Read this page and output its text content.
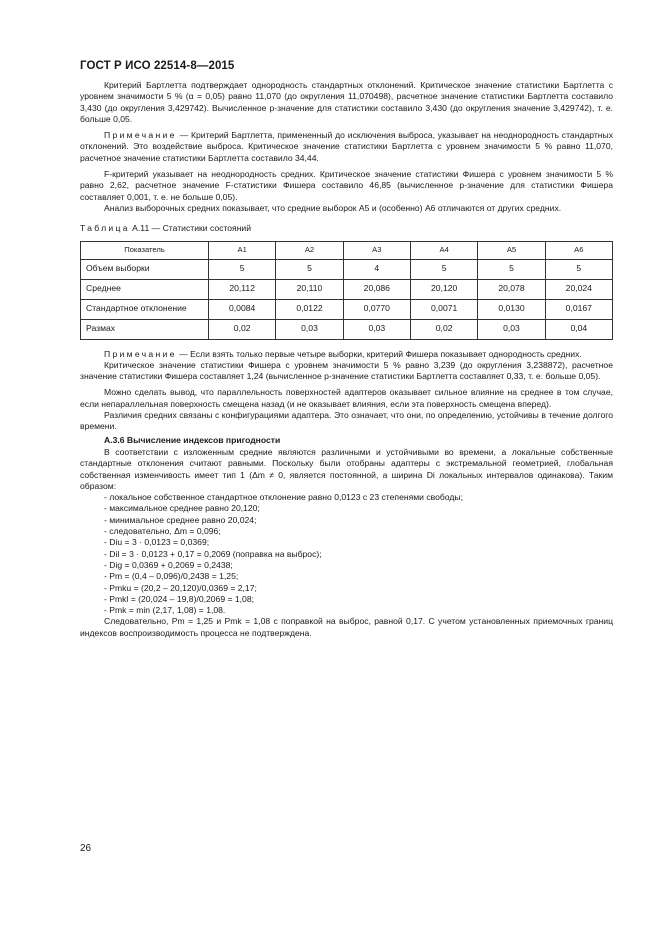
ГОСТ Р ИСО 22514-8—2015

Критерий Бартлетта подтверждает однородность стандартных отклонений. Критическое значение статистики Бартлетта с уровнем значимости 5 % (α = 0,05) равно 11,070 (до округления 11,070498), расчетное значение статистики Бартлетта составило 3,430 (до округления 3,429742). Вычисленное p-значение для статистики составило 3,430 (до округления значение 3,429742), т. е. больше 0,05.

Примечание — Критерий Бартлетта, примененный до исключения выброса, указывает на неоднородность стандартных отклонений. Это воздействие выброса. Критическое значение статистики Бартлетта с уровнем значимости 5 % равно 11,070, расчетное значение статистики Бартлетта составило 34,44.

F-критерий указывает на неоднородность средних. Критическое значение статистики Фишера с уровнем значимости 5 % равно 2,62, расчетное значение F-статистики Фишера составило 46,85 (вычисленное p-значение для статистики Фишера составляет 0,001, т. е. не больше 0,05).

Анализ выборочных средних показывает, что средние выборок А5 и (особенно) А6 отличаются от других средних.

Таблица А.11 — Статистики состояний
Показатель	А1	А2	А3	А4	А5	А6
Объем выборки	5	5	4	5	5	5
Среднее	20,112	20,110	20,086	20,120	20,078	20,024
Стандартное отклонение	0,0084	0,0122	0,0770	0,0071	0,0130	0,0167
Размах	0,02	0,03	0,03	0,02	0,03	0,04

Примечание — Если взять только первые четыре выборки, критерий Фишера показывает однородность средних.

Критическое значение статистики Фишера с уровнем значимости 5 % равно 3,239 (до округления 3,238872), расчетное значение статистики Фишера составляет 1,24 (вычисленное p-значение статистики Бартлетта составляет 0,33, т. е. больше 0,05).

Можно сделать вывод, что параллельность поверхностей адаптеров оказывает сильное влияние на среднее в том случае, если непараллельная поверхность смещена назад (и не оказывает влияния, если эта поверхность смещена вперед).

Различия средних связаны с конфигурациями адаптера. Это означает, что они, по определению, устойчивы в течение долгого времени.

А.3.6 Вычисление индексов пригодности

В соответствии с изложенным средние являются различными и устойчивыми во времени, а локальные собственные стандартные отклонения считают равными. Поскольку были отобраны адаптеры с экстремальной геометрией, глобальная собственная изменчивость имеет тип 1 (Δm ≠ 0, является постоянной, а ширина Di локальных интервалов одинакова). Таким образом:

- локальное собственное стандартное отклонение равно 0,0123 с 23 степенями свободы;

- максимальное среднее равно 20,120;

- минимальное среднее равно 20,024;

- следовательно, Δm = 0,096;

- Diu = 3 · 0,0123 = 0,0369;

- Dil = 3 · 0,0123 + 0,17 = 0,2069 (поправка на выброс);

- Dig = 0,0369 + 0,2069 = 0,2438;

- Pm = (0,4 – 0,096)/0,2438 = 1,25;

- Pmku = (20,2 – 20,120)/0,0369 = 2,17;

- Pmkl = (20,024 – 19,8)/0,2069 = 1,08;

- Pmk = min (2,17, 1,08) = 1,08.

Следовательно, Pm = 1,25 и Pmk = 1,08 с поправкой на выброс, равной 0,17. С учетом установленных приемочных границ индексов воспроизводимость процесса не подтверждена.

26
